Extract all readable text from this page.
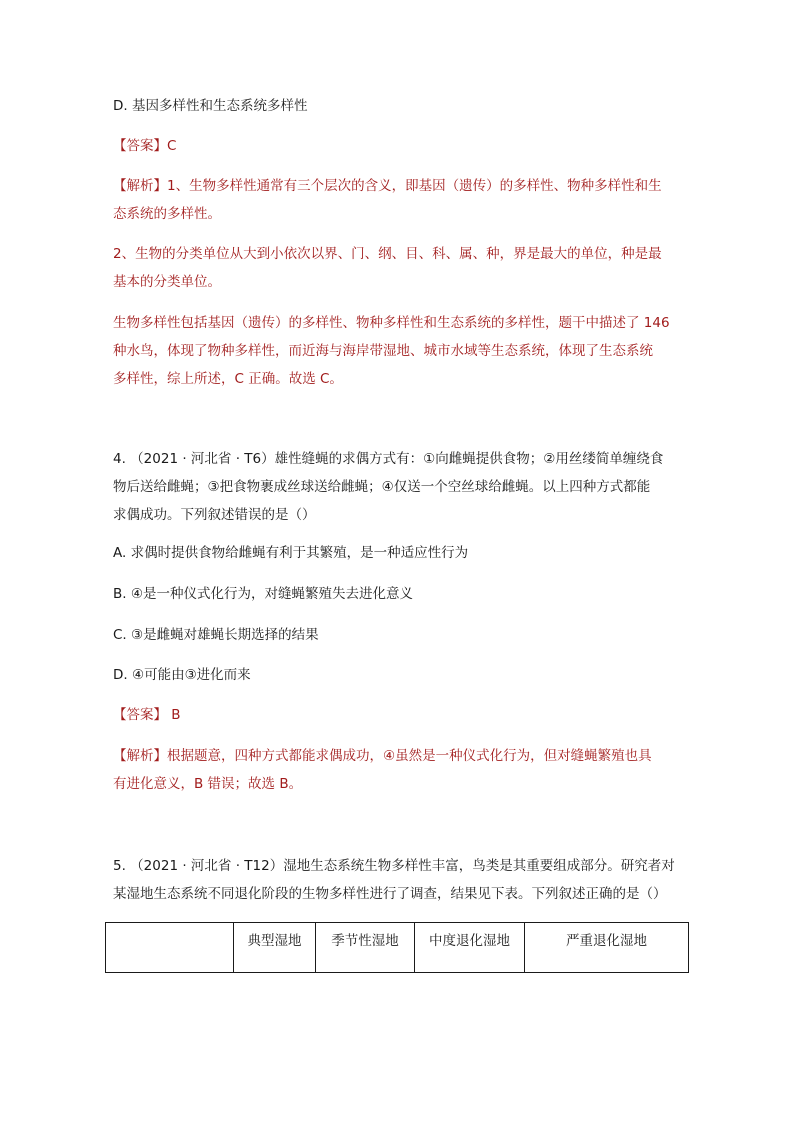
D. 基因多样性和生态系统多样性
【答案】C
【解析】1、生物多样性通常有三个层次的含义，即基因（遗传）的多样性、物种多样性和生
态系统的多样性。
2、生物的分类单位从大到小依次以界、门、纲、目、科、属、种，界是最大的单位，种是最
基本的分类单位。
生物多样性包括基因（遗传）的多样性、物种多样性和生态系统的多样性，题干中描述了 146
种水鸟，体现了物种多样性，而近海与海岸带湿地、城市水域等生态系统，体现了生态系统
多样性，综上所述，C 正确。故选 C。
4. （2021 · 河北省 · T6）雄性缝蝇的求偶方式有：①向雌蝇提供食物；②用丝缕简单缠绕食
物后送给雌蝇；③把食物裹成丝球送给雌蝇；④仅送一个空丝球给雌蝇。以上四种方式都能
求偶成功。下列叙述错误的是（）
A. 求偶时提供食物给雌蝇有利于其繁殖，是一种适应性行为
B. ④是一种仪式化行为，对缝蝇繁殖失去进化意义
C. ③是雌蝇对雄蝇长期选择的结果
D. ④可能由③进化而来
【答案】 B
【解析】根据题意，四种方式都能求偶成功，④虽然是一种仪式化行为，但对缝蝇繁殖也具
有进化意义，B 错误；故选 B。
5. （2021 · 河北省 · T12）湿地生态系统生物多样性丰富，鸟类是其重要组成部分。研究者对
某湿地生态系统不同退化阶段的生物多样性进行了调查，结果见下表。下列叙述正确的是（）
	典型湿地	季节性湿地	中度退化湿地	严重退化湿地
